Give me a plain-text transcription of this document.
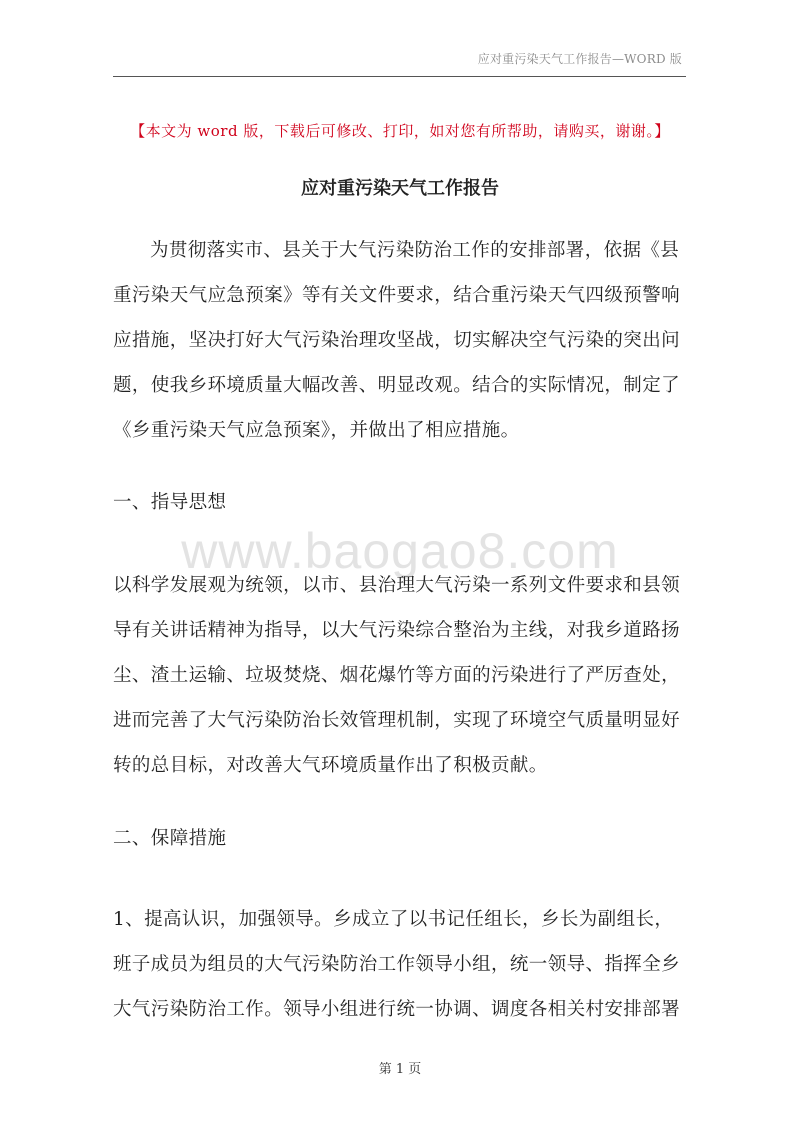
应对重污染天气工作报告—WORD 版
【本文为 word 版，下载后可修改、打印，如对您有所帮助，请购买，谢谢。】
应对重污染天气工作报告

为贯彻落实市、县关于大气污染防治工作的安排部署，依据《县重污染天气应急预案》等有关文件要求，结合重污染天气四级预警响应措施，坚决打好大气污染治理攻坚战，切实解决空气污染的突出问题，使我乡环境质量大幅改善、明显改观。结合的实际情况，制定了《乡重污染天气应急预案》，并做出了相应措施。

一、指导思想

www.baogao8.com

以科学发展观为统领，以市、县治理大气污染一系列文件要求和县领导有关讲话精神为指导，以大气污染综合整治为主线，对我乡道路扬尘、渣土运输、垃圾焚烧、烟花爆竹等方面的污染进行了严厉查处，进而完善了大气污染防治长效管理机制，实现了环境空气质量明显好转的总目标，对改善大气环境质量作出了积极贡献。

二、保障措施

1、提高认识，加强领导。乡成立了以书记任组长，乡长为副组长，班子成员为组员的大气污染防治工作领导小组，统一领导、指挥全乡大气污染防治工作。领导小组进行统一协调、调度各相关村安排部署

第 1 页
